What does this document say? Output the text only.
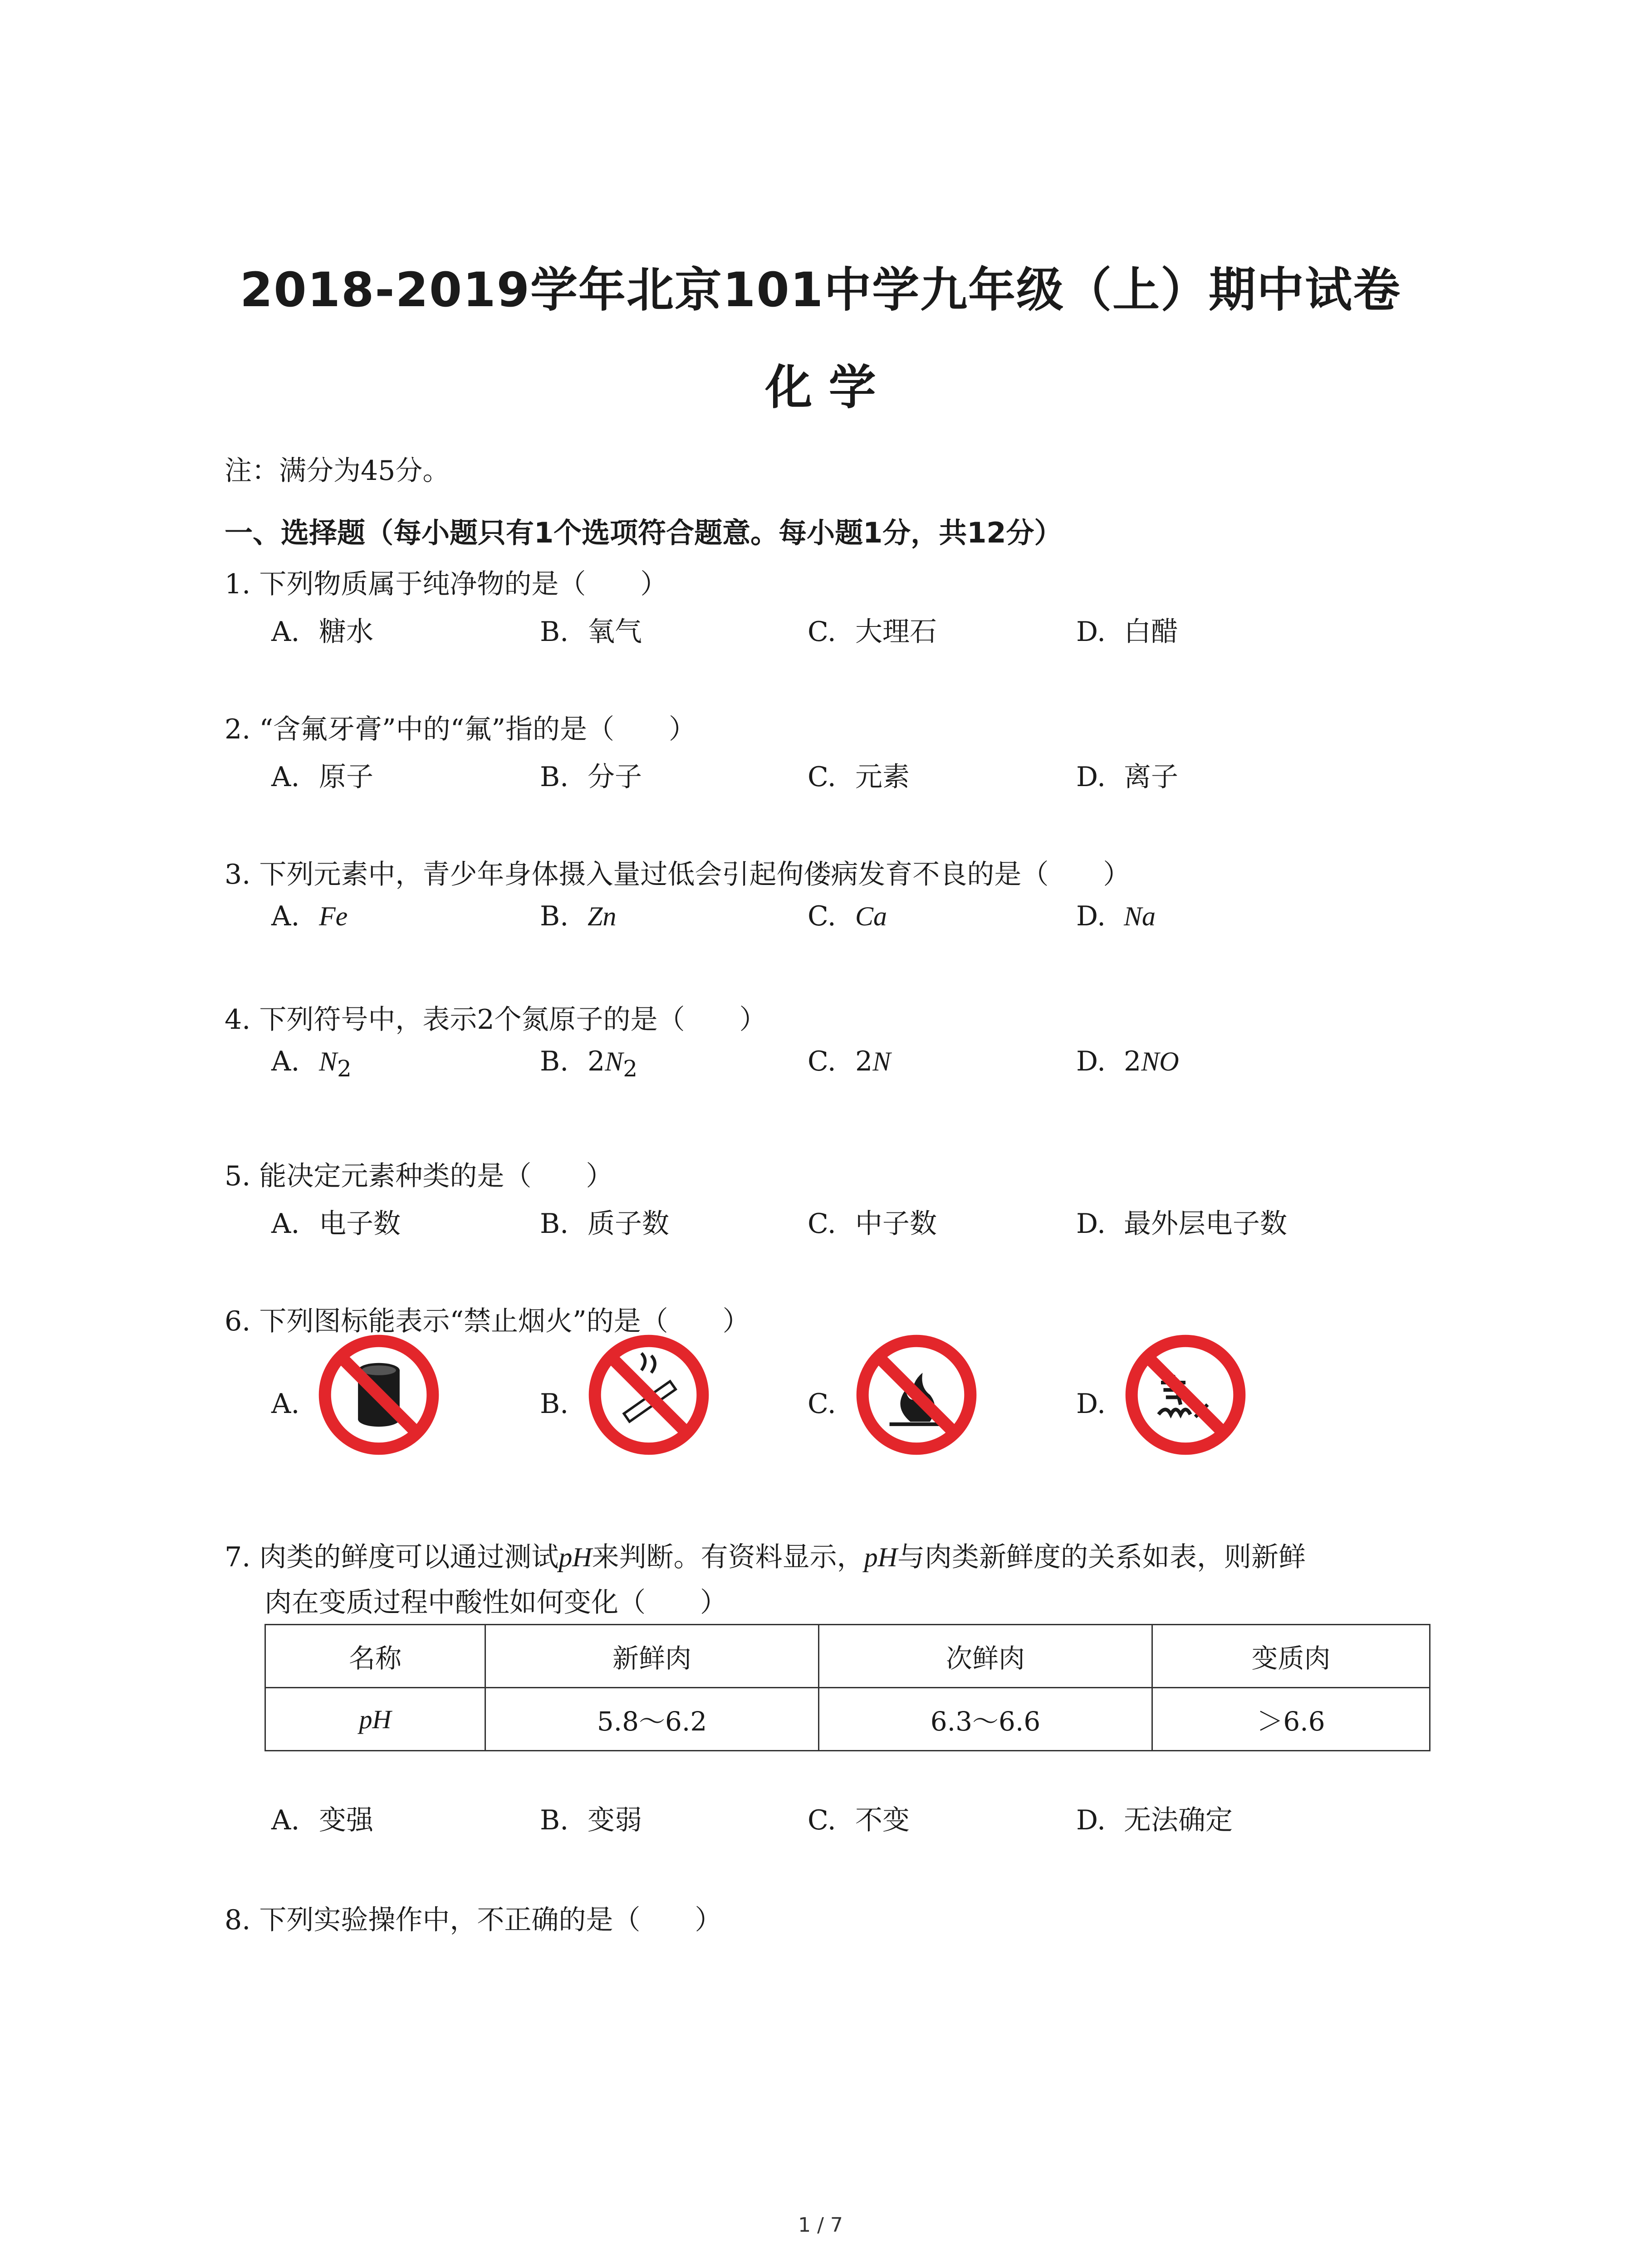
2018-2019学年北京101中学九年级（上）期中试卷
化 学
注：满分为45分。
一、选择题（每小题只有1个选项符合题意。每小题1分，共12分）
1. 下列物质属于纯净物的是（　　）
A. 糖水	B. 氧气	C. 大理石	D. 白醋
2. “含氟牙膏”中的“氟”指的是（　　）
A. 原子	B. 分子	C. 元素	D. 离子
3. 下列元素中，青少年身体摄入量过低会引起佝偻病发育不良的是（　　）
A. Fe	B. Zn	C. Ca	D. Na
4. 下列符号中，表示2个氮原子的是（　　）
A. $N_2$	B. $2N_2$	C. 2N	D. 2NO
5. 能决定元素种类的是（　　）
A. 电子数	B. 质子数	C. 中子数	D. 最外层电子数
6. 下列图标能表示“禁止烟火”的是（　　）
A.	B.	C.	D.
7. 肉类的鲜度可以通过测试pH来判断。有资料显示，pH与肉类新鲜度的关系如表，则新鲜
肉在变质过程中酸性如何变化（　　）
名称	新鲜肉	次鲜肉	变质肉
pH	5.8～6.2	6.3～6.6	＞6.6
A. 变强	B. 变弱	C. 不变	D. 无法确定
8. 下列实验操作中，不正确的是（　　）
1 / 7
